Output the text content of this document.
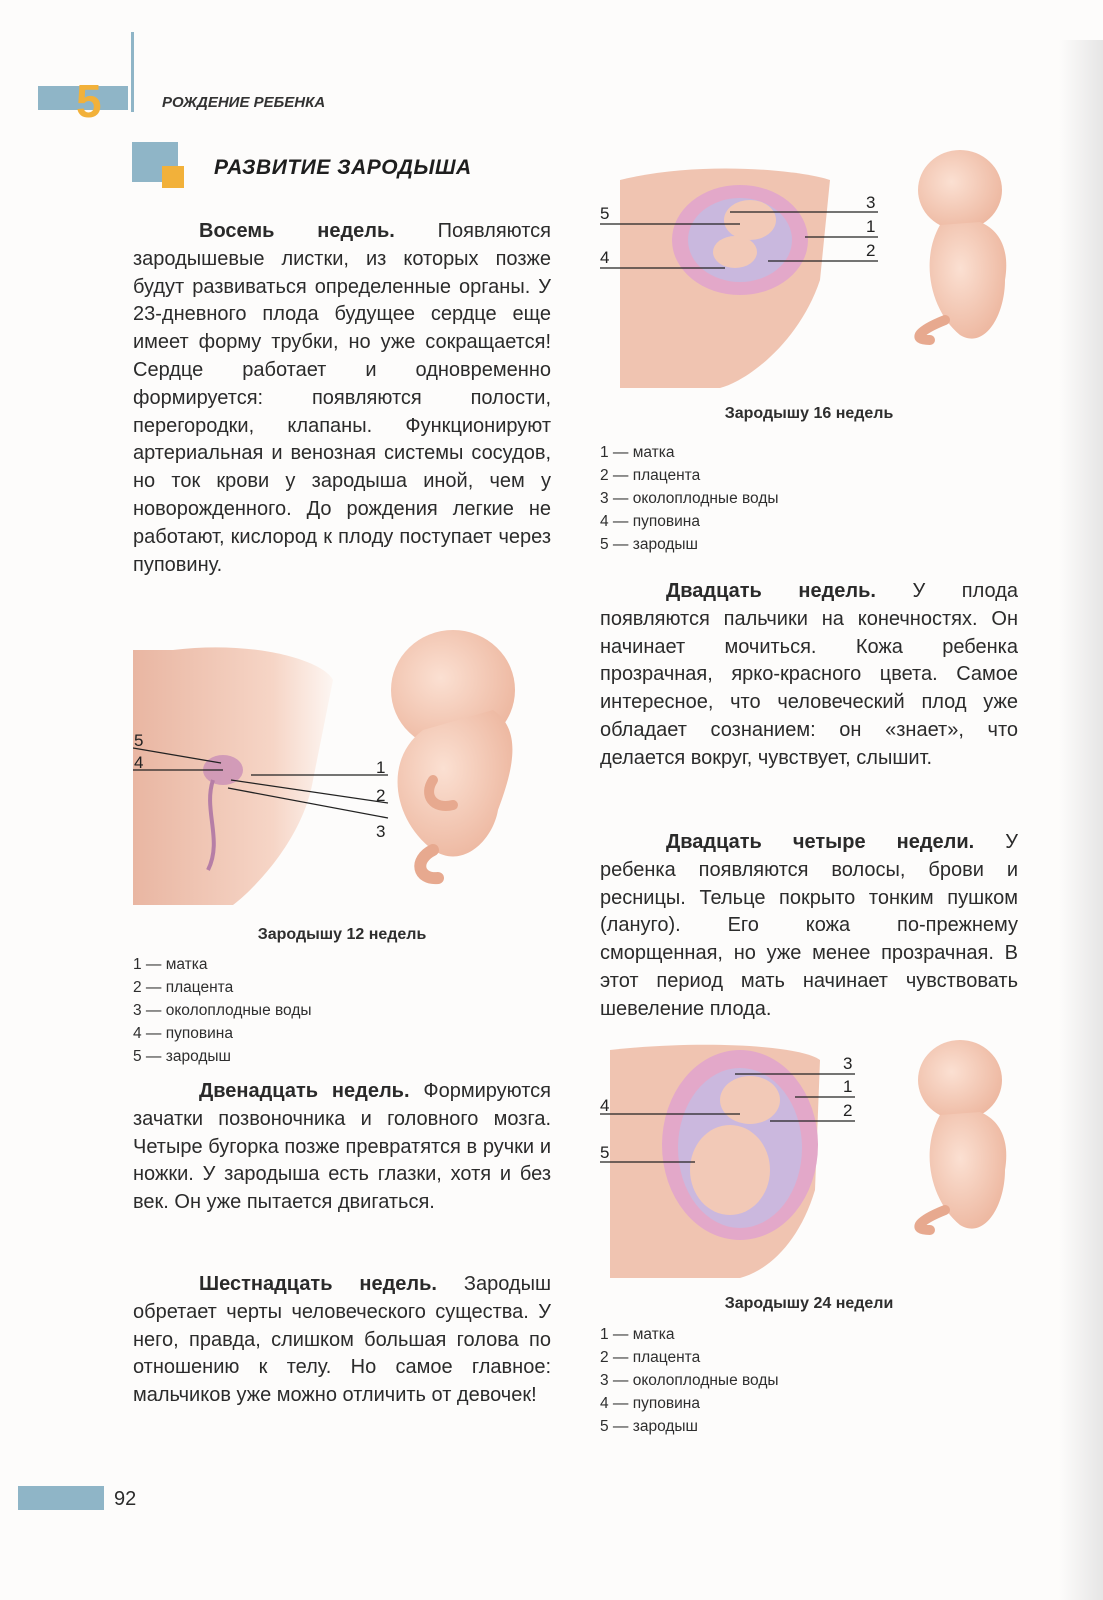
5	РОЖДЕНИЕ РЕБЕНКА
РАЗВИТИЕ ЗАРОДЫША
Восемь недель. Появляются зародышевые листки, из которых позже будут развиваться определенные органы. У 23-дневного плода будущее сердце еще имеет форму трубки, но уже сокращается! Сердце работает и одновременно формируется: появляются полости, перегородки, клапаны. Функционируют артериальная и венозная системы сосудов, но ток крови у зародыша иной, чем у новорожденного. До рождения легкие не работают, кислород к плоду поступает через пуповину.
5
4	1
2
3
Зародышу 12 недель
1 — матка
2 — плацента
3 — околоплодные воды
4 — пуповина
5 — зародыш
Двенадцать недель. Формируются зачатки позвоночника и головного мозга. Четыре бугорка позже превратятся в ручки и ножки. У зародыша есть глазки, хотя и без век. Он уже пытается двигаться.
Шестнадцать недель. Зародыш обретает черты человеческого существа. У него, правда, слишком большая голова по отношению к телу. Но самое главное: мальчиков уже можно отличить от девочек!
5
4
3
1
2
Зародышу 16 недель
1 — матка
2 — плацента
3 — околоплодные воды
4 — пуповина
5 — зародыш
Двадцать недель. У плода появляются пальчики на конечностях. Он начинает мочиться. Кожа ребенка прозрачная, ярко-красного цвета. Самое интересное, что человеческий плод уже обладает сознанием: он «знает», что делается вокруг, чувствует, слышит.
Двадцать четыре недели. У ребенка появляются волосы, брови и ресницы. Тельце покрыто тонким пушком (лануго). Его кожа по-прежнему сморщенная, но уже менее прозрачная. В этот период мать начинает чувствовать шевеление плода.
4
5
3
1
2
Зародышу 24 недели
1 — матка
2 — плацента
3 — околоплодные воды
4 — пуповина
5 — зародыш
92
